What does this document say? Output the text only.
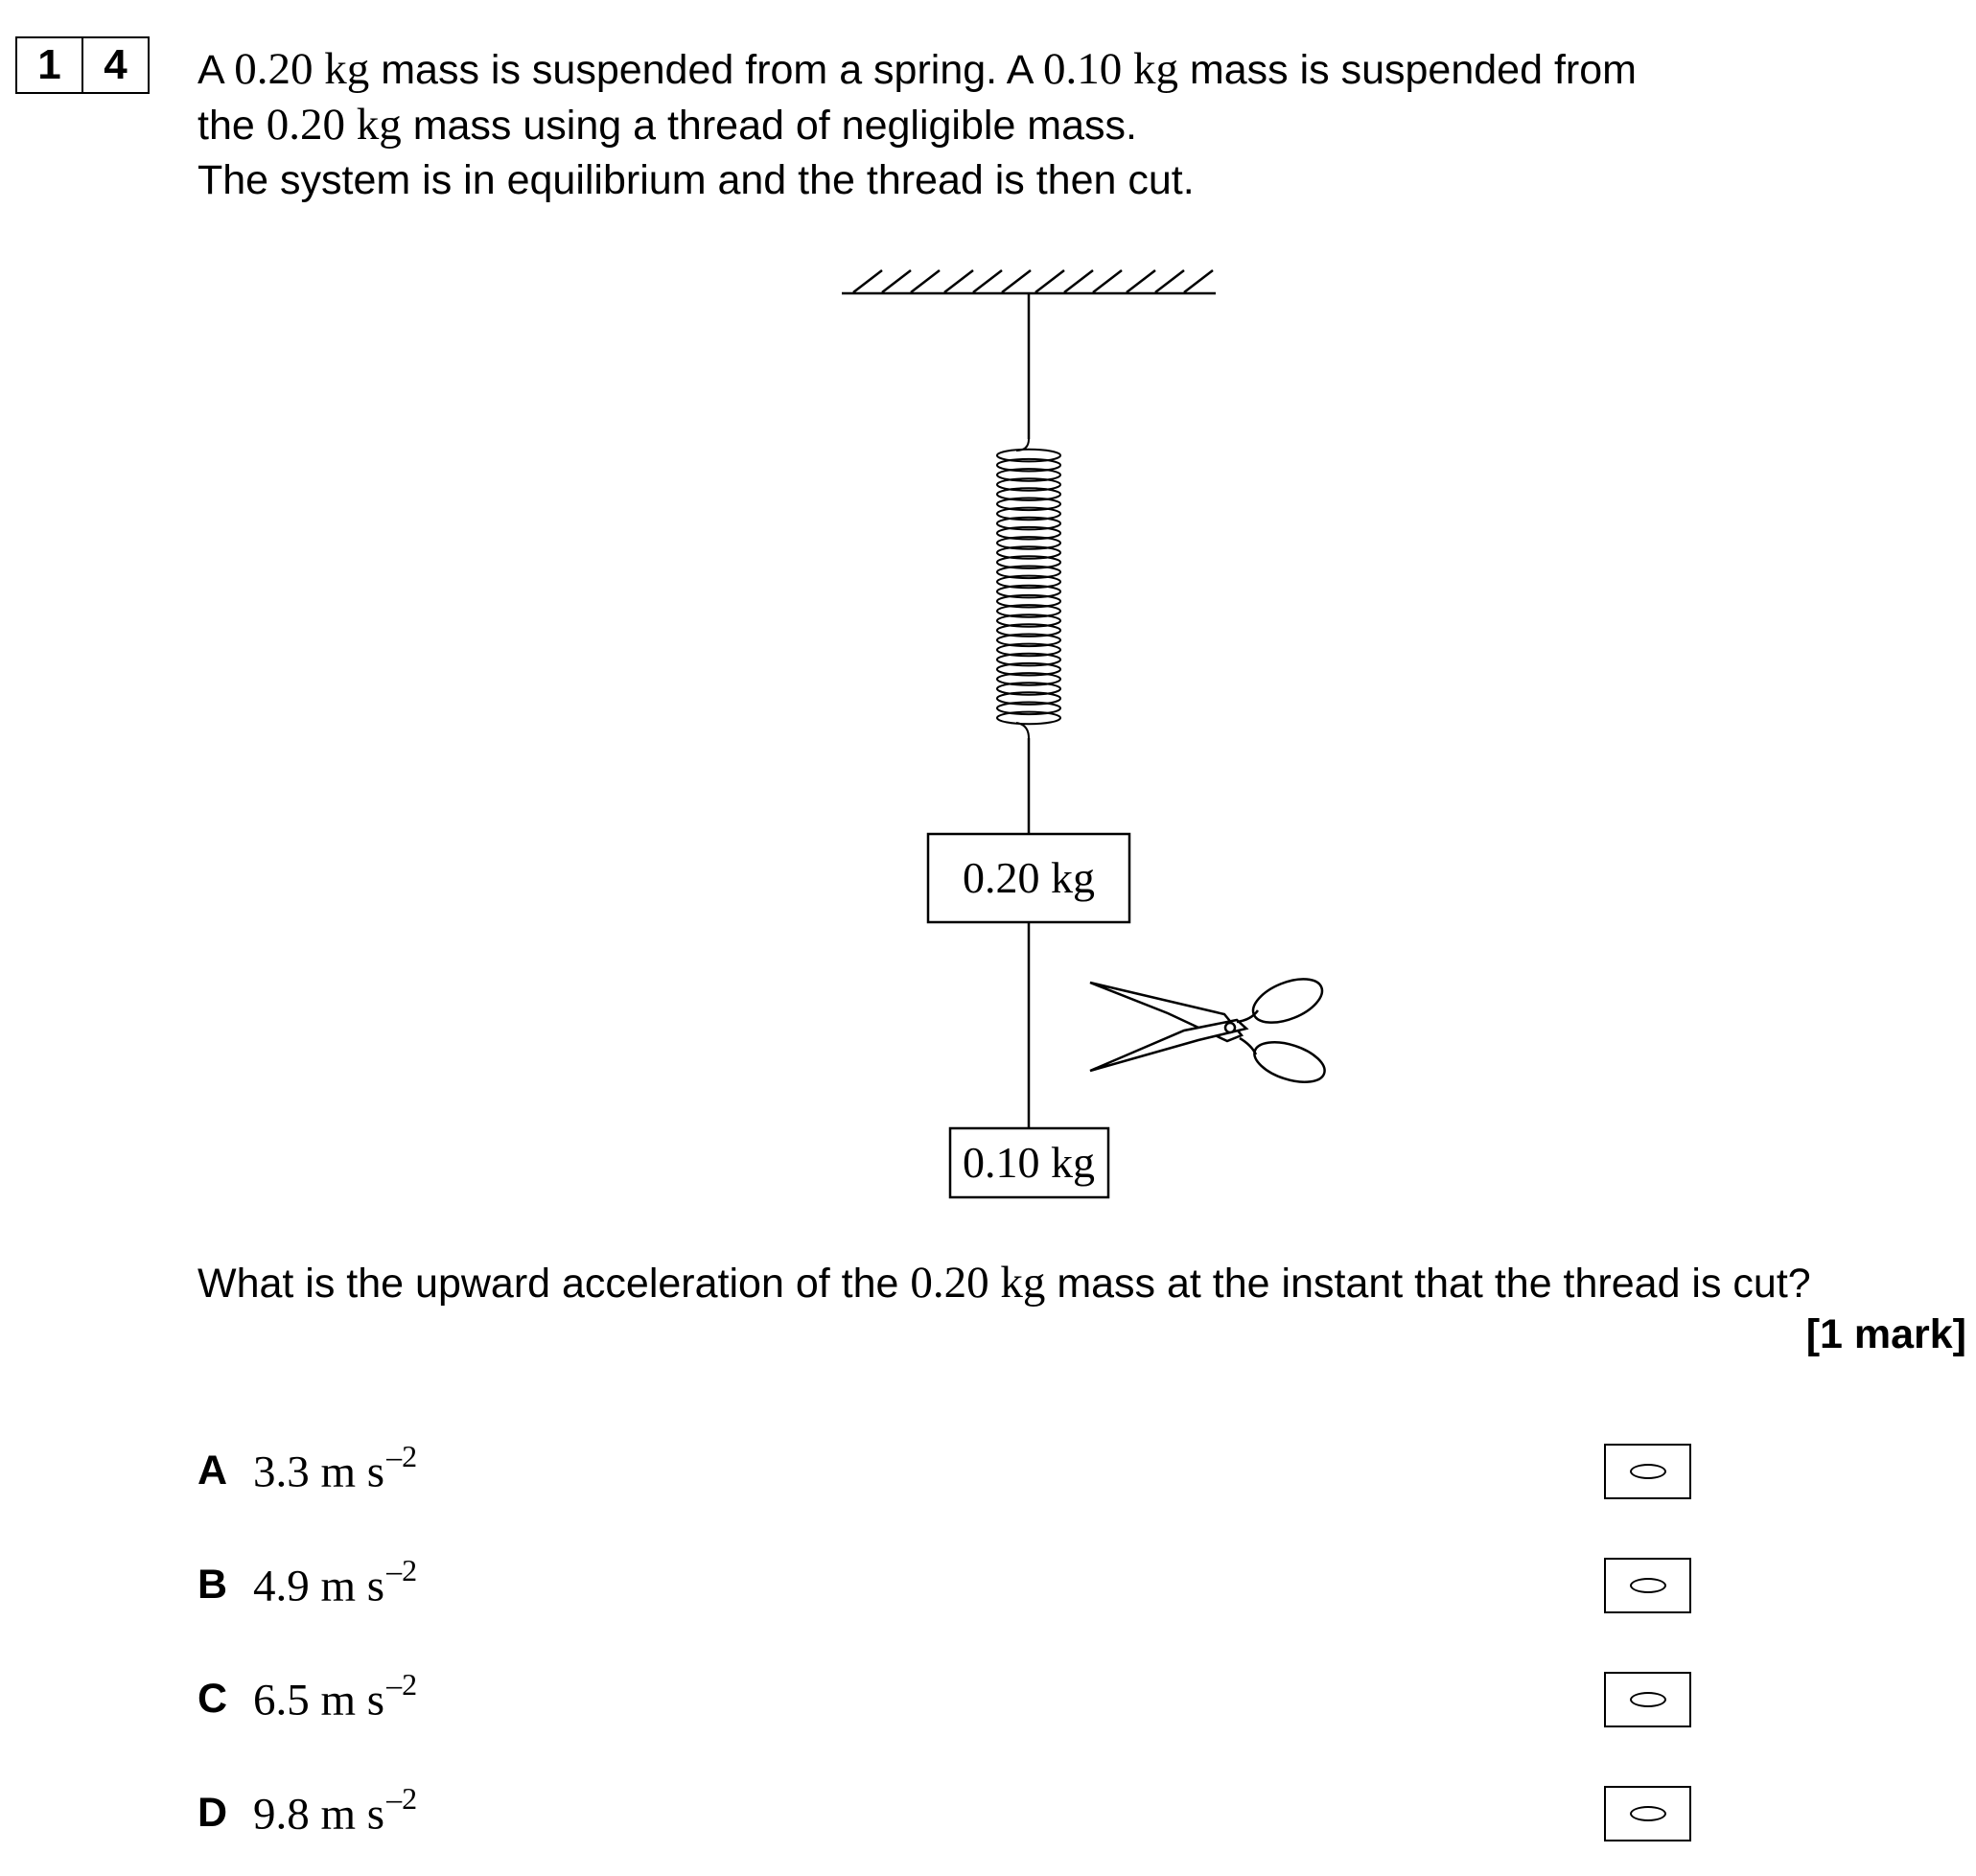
1	4	A 0.20 kg mass is suspended from a spring. A 0.10 kg mass is suspended from

the 0.20 kg mass using a thread of negligible mass.

The system is in equilibrium and the thread is then cut.

0.20 kg
0.10 kg
What is the upward acceleration of the 0.20 kg mass at the instant that the thread is cut?
[1 mark]
A 3.3 m $s^{-2}$
B 4.9 m $s^{-2}$
C 6.5 m $s^{-2}$
D 9.8 m $s^{-2}$
